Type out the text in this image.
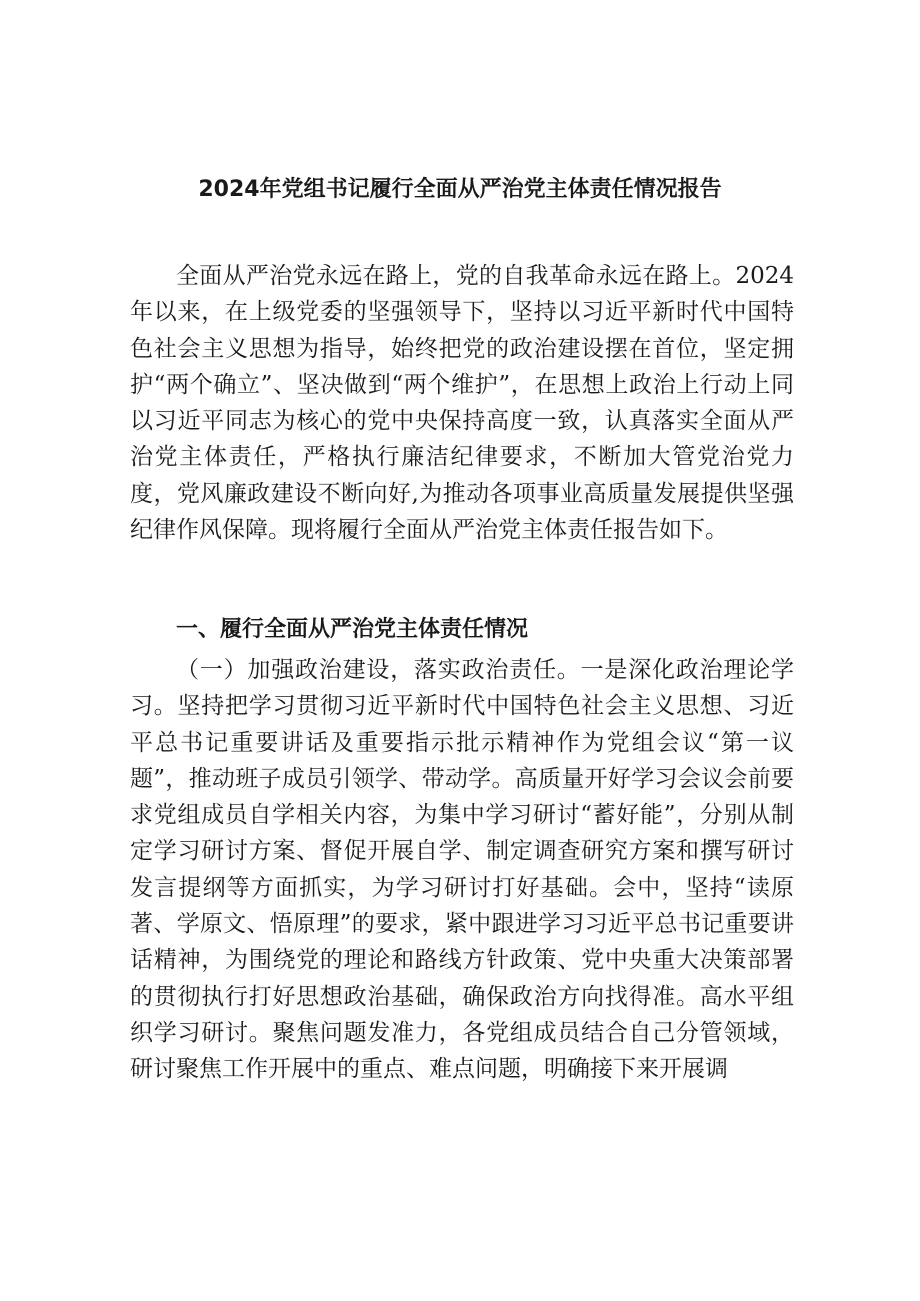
2024年党组书记履行全面从严治党主体责任情况报告
全面从严治党永远在路上，党的自我革命永远在路上。2024年以来，在上级党委的坚强领导下，坚持以习近平新时代中国特色社会主义思想为指导，始终把党的政治建设摆在首位，坚定拥护“两个确立”、坚决做到“两个维护”，在思想上政治上行动上同以习近平同志为核心的党中央保持高度一致，认真落实全面从严治党主体责任，严格执行廉洁纪律要求，不断加大管党治党力度，党风廉政建设不断向好,为推动各项事业高质量发展提供坚强纪律作风保障。现将履行全面从严治党主体责任报告如下。
一、履行全面从严治党主体责任情况
（一）加强政治建设，落实政治责任。一是深化政治理论学习。坚持把学习贯彻习近平新时代中国特色社会主义思想、习近平总书记重要讲话及重要指示批示精神作为党组会议“第一议题”，推动班子成员引领学、带动学。高质量开好学习会议会前要求党组成员自学相关内容，为集中学习研讨“蓄好能”，分别从制定学习研讨方案、督促开展自学、制定调查研究方案和撰写研讨发言提纲等方面抓实，为学习研讨打好基础。会中，坚持“读原著、学原文、悟原理”的要求，紧中跟进学习习近平总书记重要讲话精神，为围绕党的理论和路线方针政策、党中央重大决策部署的贯彻执行打好思想政治基础，确保政治方向找得准。高水平组织学习研讨。聚焦问题发准力，各党组成员结合自己分管领域，研讨聚焦工作开展中的重点、难点问题，明确接下来开展调
